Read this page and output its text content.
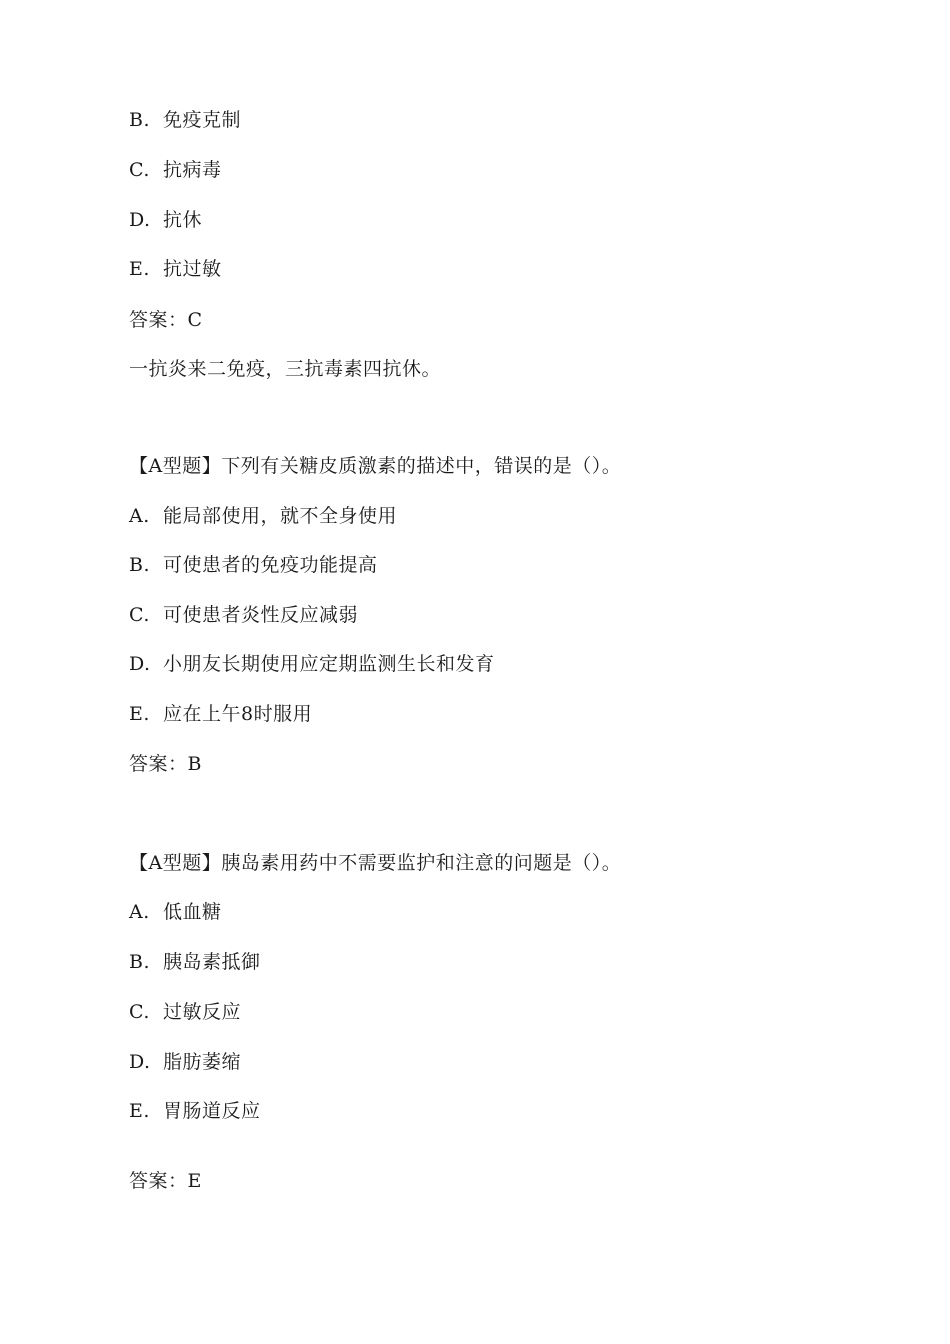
B. 免疫克制
C. 抗病毒
D. 抗休
E. 抗过敏
答案：C
一抗炎来二免疫，三抗毒素四抗休。
【A型题】下列有关糖皮质激素的描述中，错误的是（）。
A. 能局部使用，就不全身使用
B. 可使患者的免疫功能提高
C. 可使患者炎性反应减弱
D. 小朋友长期使用应定期监测生长和发育
E. 应在上午8时服用
答案：B
【A型题】胰岛素用药中不需要监护和注意的问题是（）。
A. 低血糖
B. 胰岛素抵御
C. 过敏反应
D. 脂肪萎缩
E. 胃肠道反应
答案：E
